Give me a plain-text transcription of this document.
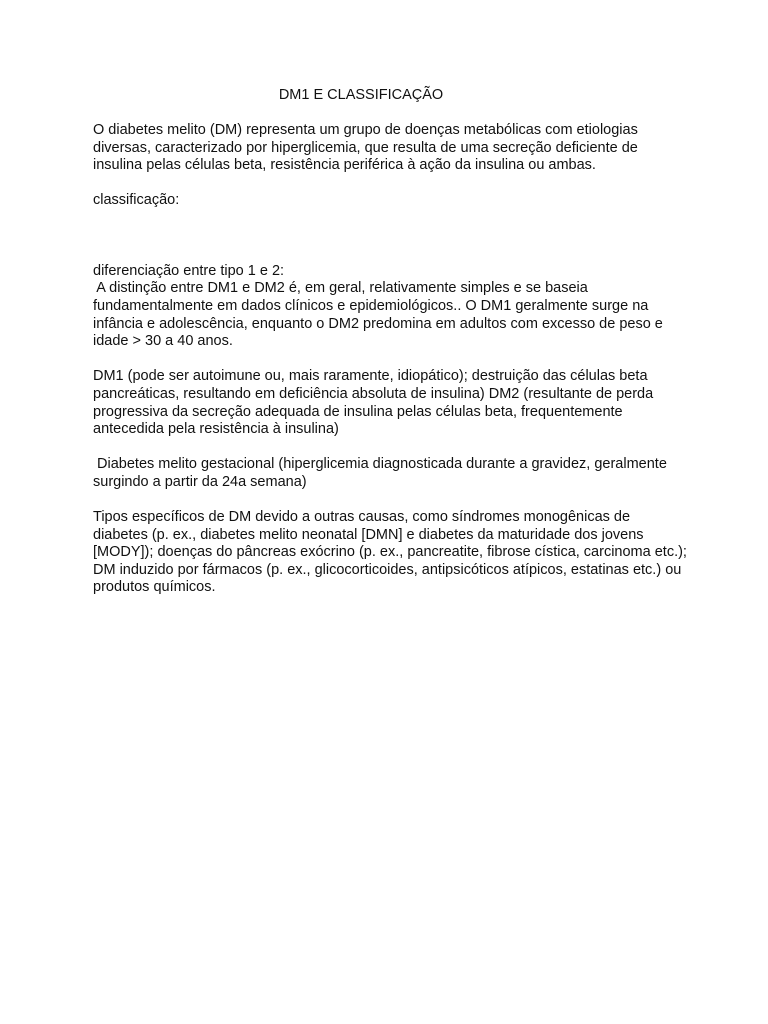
DM1 E CLASSIFICAÇÃO
O diabetes melito (DM) representa um grupo de doenças metabólicas com etiologias
diversas, caracterizado por hiperglicemia, que resulta de uma secreção deficiente de
insulina pelas células beta, resistência periférica à ação da insulina ou ambas.
classificação:
diferenciação entre tipo 1 e 2:
A distinção entre DM1 e DM2 é, em geral, relativamente simples e se baseia
fundamentalmente em dados clínicos e epidemiológicos.. O DM1 geralmente surge na
infância e adolescência, enquanto o DM2 predomina em adultos com excesso de peso e
idade > 30 a 40 anos.
DM1 (pode ser autoimune ou, mais raramente, idiopático); destruição das células beta
pancreáticas, resultando em deficiência absoluta de insulina) DM2 (resultante de perda
progressiva da secreção adequada de insulina pelas células beta, frequentemente
antecedida pela resistência à insulina)
Diabetes melito gestacional (hiperglicemia diagnosticada durante a gravidez, geralmente
surgindo a partir da 24a semana)
Tipos específicos de DM devido a outras causas, como síndromes monogênicas de
diabetes (p. ex., diabetes melito neonatal [DMN] e diabetes da maturidade dos jovens
[MODY]); doenças do pâncreas exócrino (p. ex., pancreatite, fibrose cística, carcinoma etc.);
DM induzido por fármacos (p. ex., glicocorticoides, antipsicóticos atípicos, estatinas etc.) ou
produtos químicos.
